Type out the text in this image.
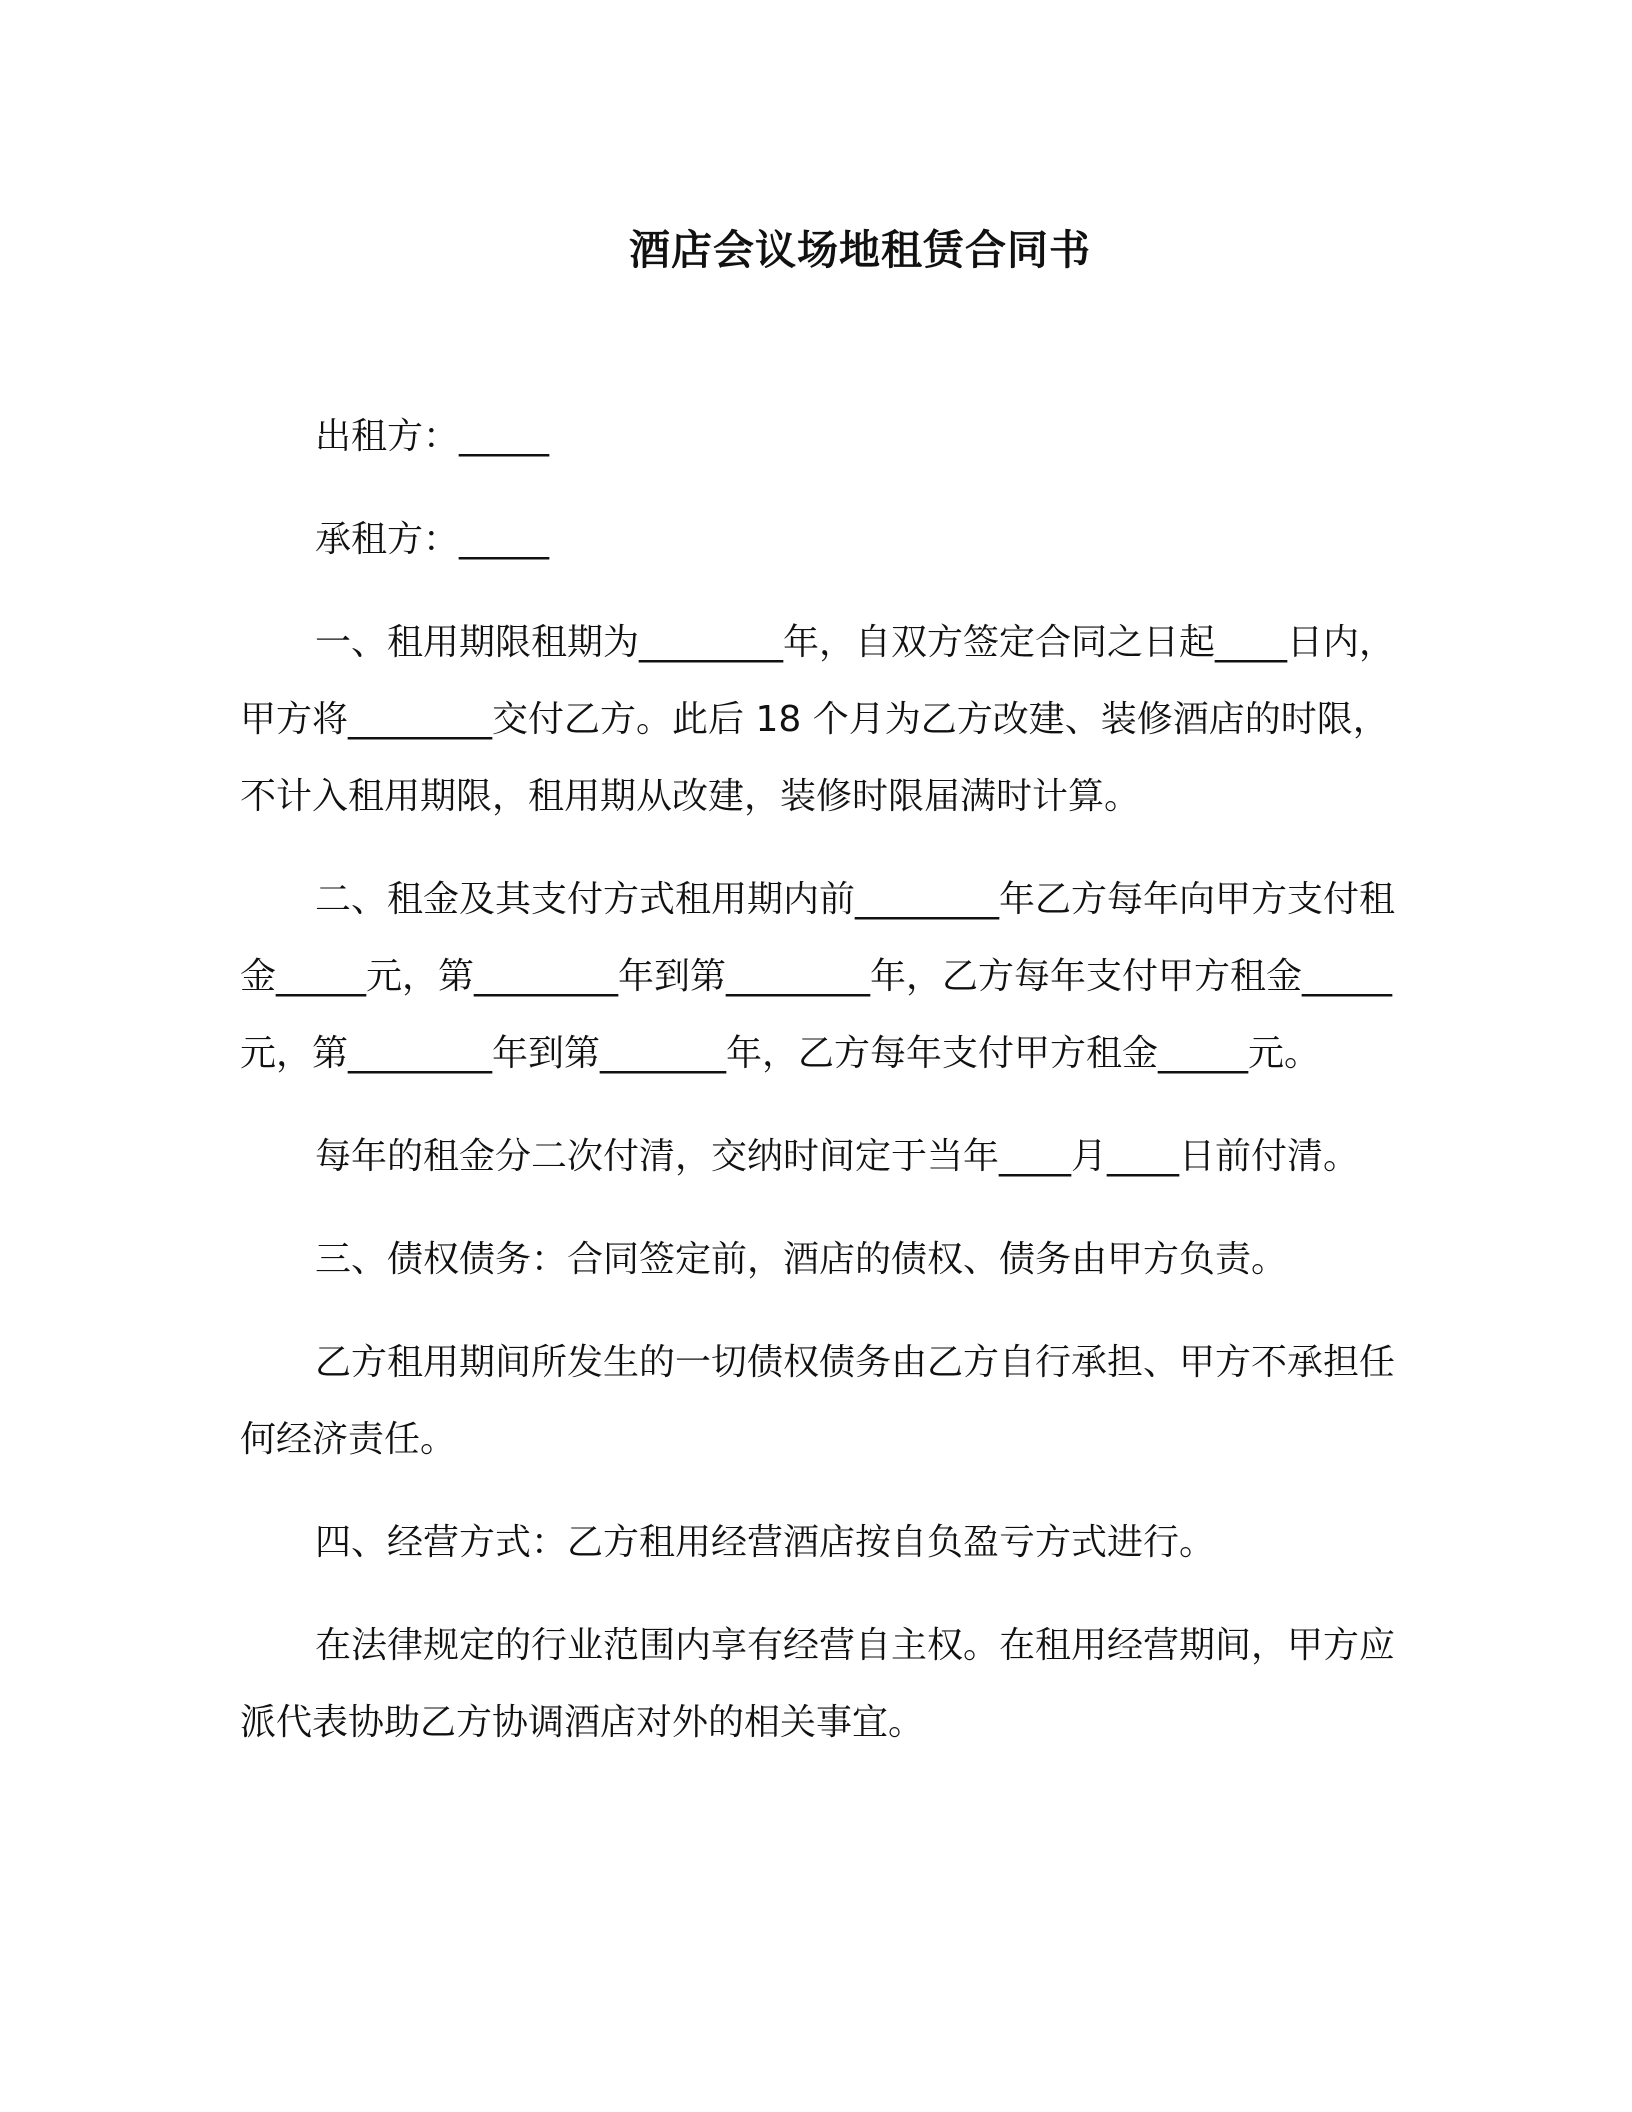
酒店会议场地租赁合同书

出租方：_____

承租方：_____

一、租用期限租期为________年，自双方签定合同之日起____日内，甲方将________交付乙方。此后 18 个月为乙方改建、装修酒店的时限，不计入租用期限，租用期从改建，装修时限届满时计算。

二、租金及其支付方式租用期内前________年乙方每年向甲方支付租金_____元，第________年到第________年，乙方每年支付甲方租金_____元，第________年到第_______年，乙方每年支付甲方租金_____元。

每年的租金分二次付清，交纳时间定于当年____月____日前付清。

三、债权债务：合同签定前，酒店的债权、债务由甲方负责。

乙方租用期间所发生的一切债权债务由乙方自行承担、甲方不承担任何经济责任。

四、经营方式：乙方租用经营酒店按自负盈亏方式进行。

在法律规定的行业范围内享有经营自主权。在租用经营期间，甲方应派代表协助乙方协调酒店对外的相关事宜。
